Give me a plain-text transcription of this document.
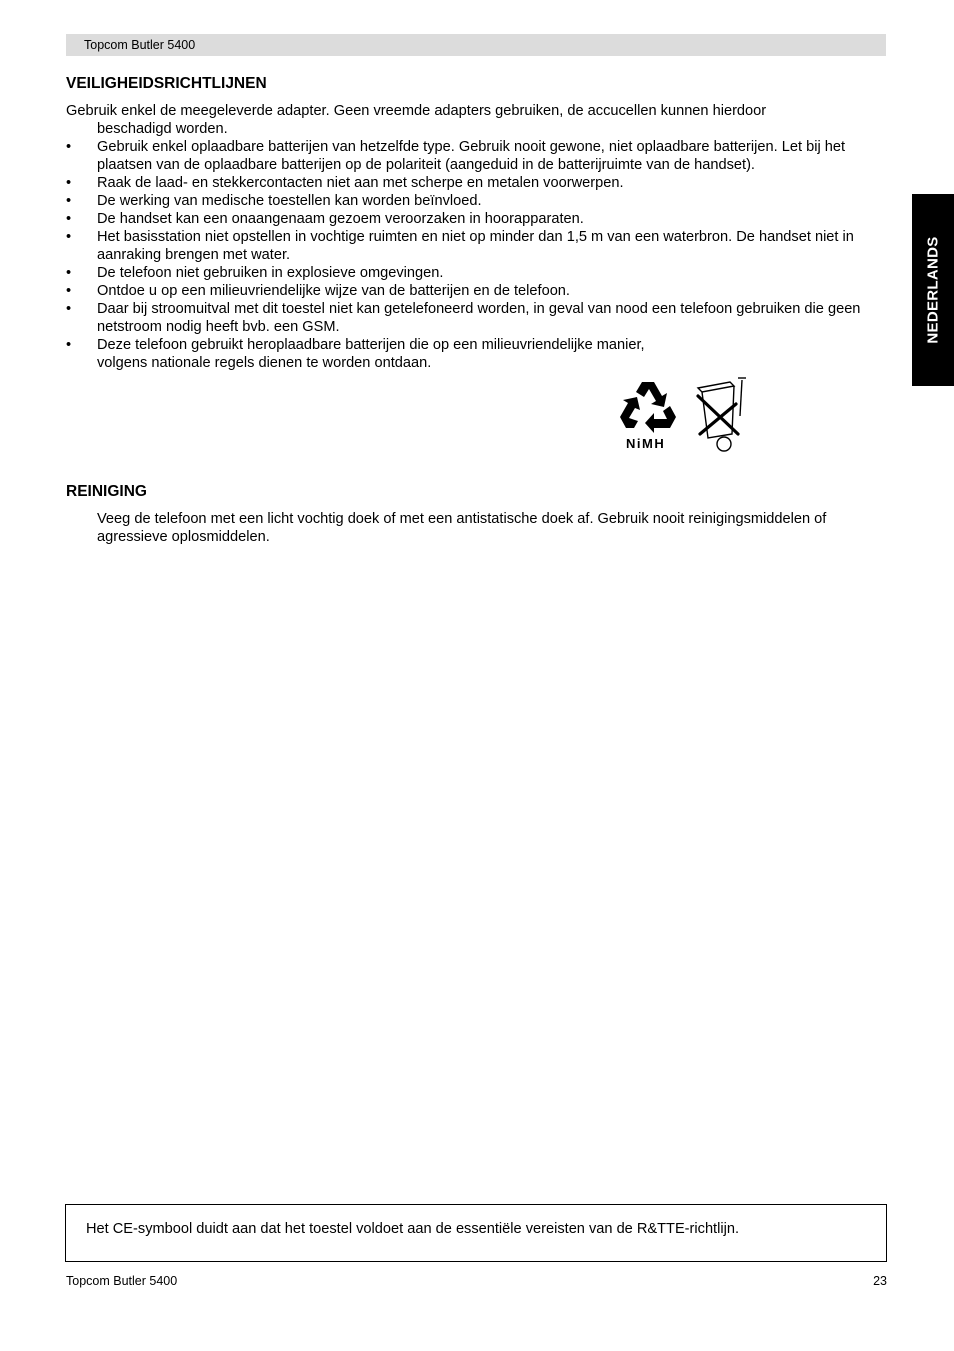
Topcom Butler 5400
NEDERLANDS
VEILIGHEIDSRICHTLIJNEN

Gebruik enkel de meegeleverde adapter. Geen vreemde adapters gebruiken, de accucellen kunnen hierdoor
beschadigd worden.

• Gebruik enkel oplaadbare batterijen van hetzelfde type. Gebruik nooit gewone, niet oplaadbare batterijen. Let bij het plaatsen van de oplaadbare batterijen op de polariteit (aangeduid in de batterijruimte van de handset).
• Raak de laad- en stekkercontacten niet aan met scherpe en metalen voorwerpen.
• De werking van medische toestellen kan worden beïnvloed.
• De handset kan een onaangenaam gezoem veroorzaken in hoorapparaten.
• Het basisstation niet opstellen in vochtige ruimten en niet op minder dan 1,5 m van een waterbron. De handset niet in aanraking brengen met water.
• De telefoon niet gebruiken in explosieve omgevingen.
• Ontdoe u op een milieuvriendelijke wijze van de batterijen en de telefoon.
• Daar bij stroomuitval met dit toestel niet kan getelefoneerd worden, in geval van nood een telefoon gebruiken die geen netstroom nodig heeft bvb. een GSM.
• Deze telefoon gebruikt heroplaadbare batterijen die op een milieuvriendelijke manier,
volgens nationale regels dienen te worden ontdaan.
NiMH
REINIGING

Veeg de telefoon met een licht vochtig doek of met een antistatische doek af. Gebruik nooit reinigingsmiddelen of agressieve oplosmiddelen.

Het CE-symbool duidt aan dat het toestel voldoet aan de essentiële vereisten van de R&TTE-richtlijn.
Topcom Butler 5400	23
